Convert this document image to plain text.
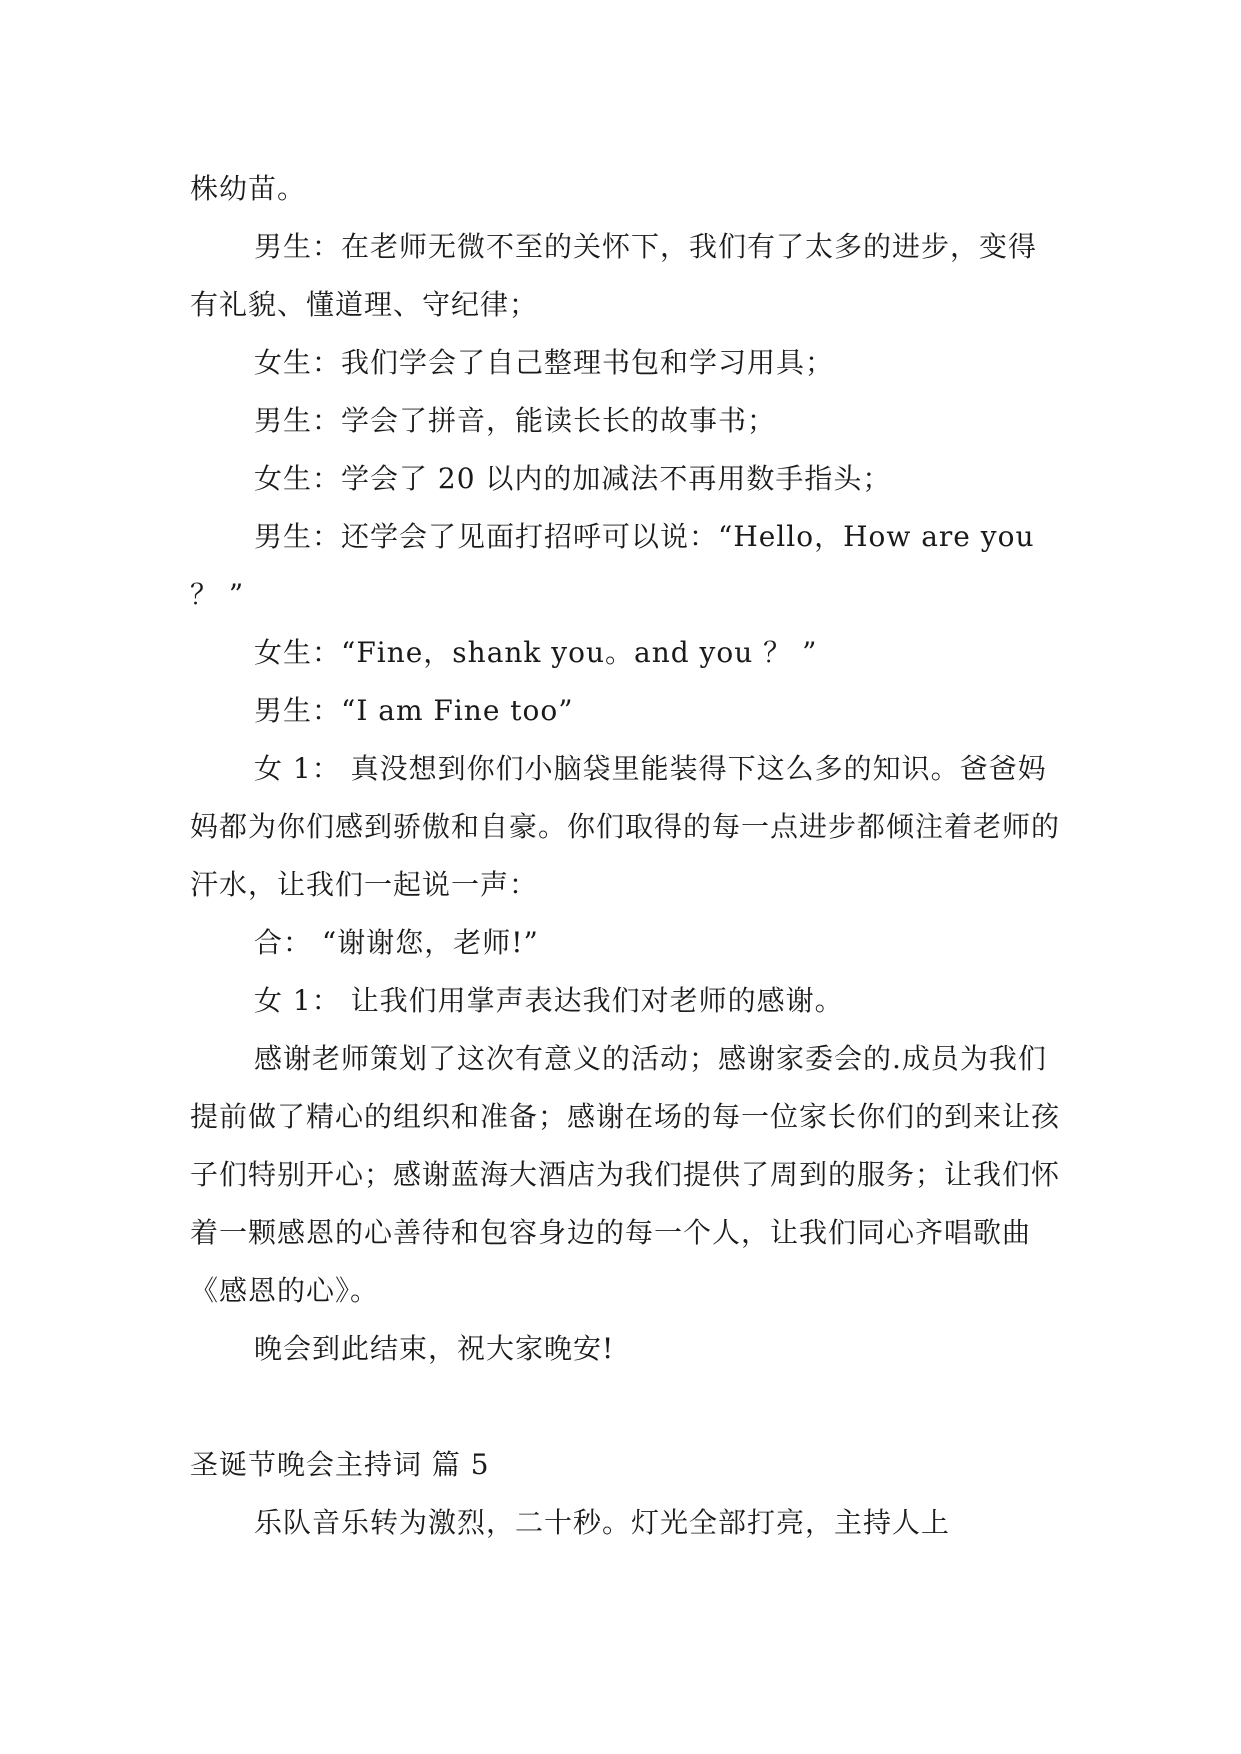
株幼苗。

男生：在老师无微不至的关怀下，我们有了太多的进步，变得有礼貌、懂道理、守纪律；

女生：我们学会了自己整理书包和学习用具；

男生：学会了拼音，能读长长的故事书；

女生：学会了 20 以内的加减法不再用数手指头；

男生：还学会了见面打招呼可以说：“Hello，How are you ？ ”

女生：“Fine，shank you。and you ？ ”

男生：“I am Fine too”

女 1： 真没想到你们小脑袋里能装得下这么多的知识。爸爸妈妈都为你们感到骄傲和自豪。你们取得的每一点进步都倾注着老师的汗水，让我们一起说一声：

合： “谢谢您，老师!”

女 1： 让我们用掌声表达我们对老师的感谢。

感谢老师策划了这次有意义的活动；感谢家委会的.成员为我们提前做了精心的组织和准备；感谢在场的每一位家长你们的到来让孩子们特别开心；感谢蓝海大酒店为我们提供了周到的服务；让我们怀着一颗感恩的心善待和包容身边的每一个人，让我们同心齐唱歌曲《感恩的心》。

晚会到此结束，祝大家晚安!

圣诞节晚会主持词 篇 5

乐队音乐转为激烈，二十秒。灯光全部打亮，主持人上
